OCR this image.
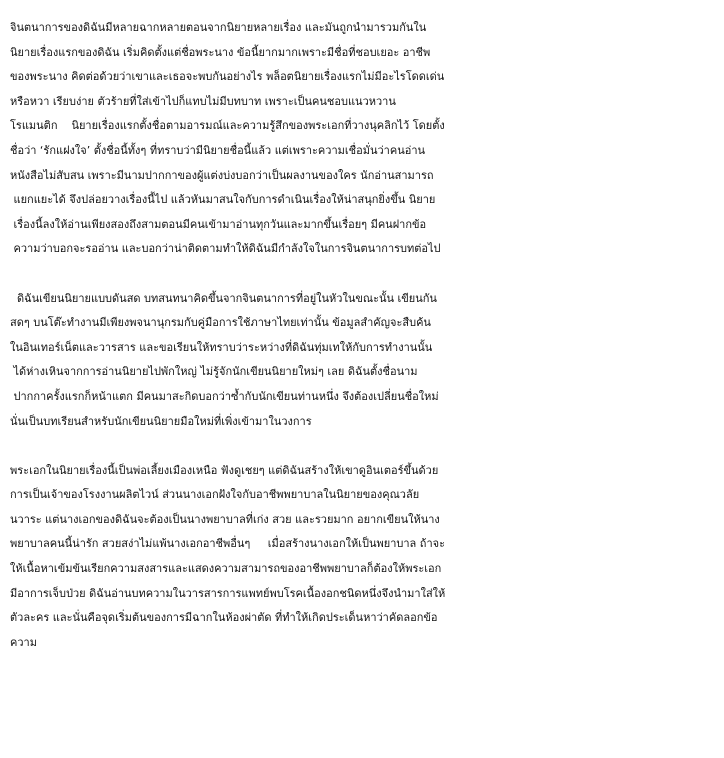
จินตนาการของดิฉันมีหลายฉากหลายตอนจากนิยายหลายเรื่อง และมันถูกนำมารวมกันใน
นิยายเรื่องแรกของดิฉัน เริ่มคิดตั้งแต่ชื่อพระนาง ข้อนี้ยากมากเพราะมีชื่อที่ชอบเยอะ อาชีพ
ของพระนาง คิดต่อด้วยว่าเขาและเธอจะพบกันอย่างไร พล็อตนิยายเรื่องแรกไม่มีอะไรโดดเด่น
หรือหวา เรียบง่าย ตัวร้ายที่ใส่เข้าไปก็แทบไม่มีบทบาท เพราะเป็นคนชอบแนวหวาน
โรแมนติก    นิยายเรื่องแรกตั้งชื่อตามอารมณ์และความรู้สึกของพระเอกที่วางนุคลิกไว้ โดยตั้ง
ชื่อว่า ‘รักแฝงใจ’ ตั้งชื่อนี้ทั้งๆ ที่ทราบว่ามีนิยายชื่อนี้แล้ว แต่เพราะความเชื่อมั่นว่าคนอ่าน
หนังสือไม่สับสน เพราะมีนามปากกาของผู้แต่งบ่งบอกว่าเป็นผลงานของใคร นักอ่านสามารถ
แยกแยะได้ จึงปล่อยวางเรื่องนี้ไป แล้วหันมาสนใจกับการดำเนินเรื่องให้น่าสนุกยิ่งขึ้น นิยาย
เรื่องนี้ลงให้อ่านเพียงสองถึงสามตอนมีคนเข้ามาอ่านทุกวันและมากขึ้นเรื่อยๆ มีคนฝากข้อ
ความว่าบอกจะรออ่าน และบอกว่าน่าติดตามทำให้ดิฉันมีกำลังใจในการจินตนาการบทต่อไป
ดิฉันเขียนนิยายแบบดันสด บทสนทนาคิดขึ้นจากจินตนาการที่อยู่ในหัวในขณะนั้น เขียนกัน
สดๆ บนโต๊ะทำงานมีเพียงพจนานุกรมกับคู่มือการใช้ภาษาไทยเท่านั้น ข้อมูลสำคัญจะสืบค้น
ในอินเทอร์เน็ตและวารสาร และขอเรียนให้ทราบว่าระหว่างที่ดิฉันทุ่มเทให้กับการทำงานนั้น
ได้ห่างเหินจากการอ่านนิยายไปพักใหญ่ ไม่รู้จักนักเขียนนิยายใหม่ๆ เลย ดิฉันตั้งชื่อนาม
ปากกาครั้งแรกก็หน้าแตก มีคนมาสะกิดบอกว่าซ้ำกับนักเขียนท่านหนึ่ง จึงต้องเปลี่ยนชื่อใหม่
นั่นเป็นบทเรียนสำหรับนักเขียนนิยายมือใหม่ที่เพิ่งเข้ามาในวงการ
พระเอกในนิยายเรื่องนี้เป็นพ่อเลี้ยงเมืองเหนือ ฟังดูเชยๆ แต่ดิฉันสร้างให้เขาดูอินเตอร์ขึ้นด้วย
การเป็นเจ้าของโรงงานผลิตไวน์ ส่วนนางเอกฝังใจกับอาชีพพยาบาลในนิยายของคุณวลัย
นวาระ แต่นางเอกของดิฉันจะต้องเป็นนางพยาบาลที่เก่ง สวย และรวยมาก อยากเขียนให้นาง
พยาบาลคนนี้น่ารัก สวยสง่าไม่แพ้นางเอกอาชีพอื่นๆ     เมื่อสร้างนางเอกให้เป็นพยาบาล ถ้าจะ
ให้เนื้อหาเข้มข้นเรียกความสงสารและแสดงความสามารถของอาชีพพยาบาลก็ต้องให้พระเอก
มีอาการเจ็บป่วย ดิฉันอ่านบทความในวารสารการแพทย์พบโรคเนื้องอกชนิดหนึ่งจึงนำมาใส่ให้
ตัวละคร และนั่นคือจุดเริ่มต้นของการมีฉากในห้องผ่าตัด ที่ทำให้เกิดประเด็นหาว่าคัดลอกข้อ
ความ
